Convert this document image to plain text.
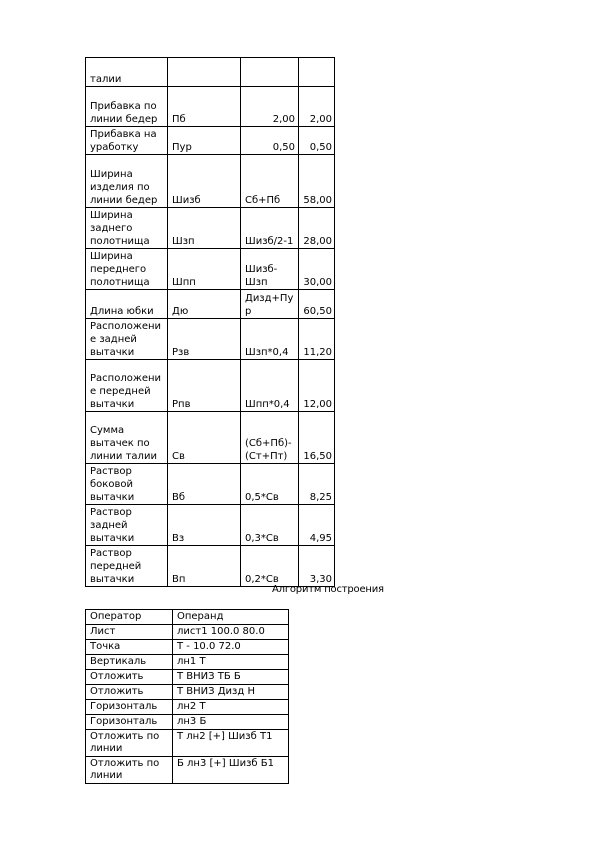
талии			
Прибавка по линии бедер	Пб	2,00	2,00
Прибавка на уработку	Пур	0,50	0,50
Ширина изделия по линии бедер	Шизб	Сб+Пб	58,00
Ширина заднего полотнища	Шзп	Шизб/2-1	28,00
Ширина переднего полотнища	Шпп	Шизб-Шзп	30,00
Длина юбки	Дю	Дизд+Пур	60,50
Расположение задней вытачки	Рзв	Шзп*0,4	11,20
Расположение передней вытачки	Рпв	Шпп*0,4	12,00
Сумма вытачек по линии талии	Св	(Сб+Пб)-(Ст+Пт)	16,50
Раствор боковой вытачки	Вб	0,5*Св	8,25
Раствор задней вытачки	Вз	0,3*Св	4,95
Раствор передней вытачки	Вп	0,2*Св	3,30
Алгоритм построения
Оператор	Операнд
Лист	лист1 100.0 80.0
Точка	Т - 10.0 72.0
Вертикаль	лн1 Т
Отложить	Т ВНИЗ ТБ Б
Отложить	Т ВНИЗ Дизд Н
Горизонталь	лн2 Т
Горизонталь	лн3 Б
Отложить по линии	Т лн2 [+] Шизб Т1
Отложить по линии	Б лн3 [+] Шизб Б1
